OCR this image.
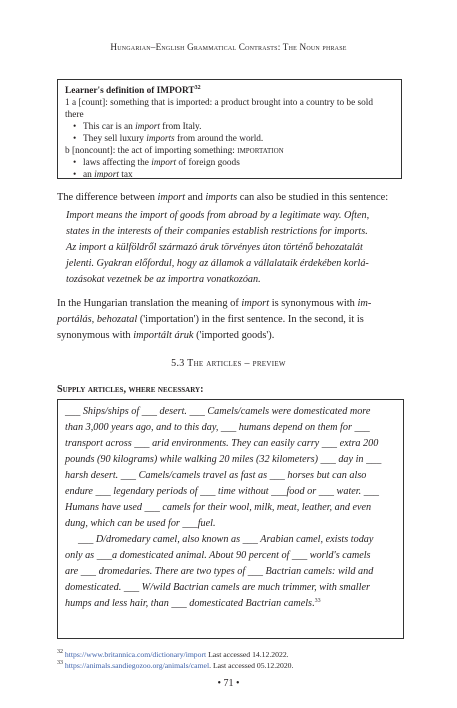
Hungarian–English Grammatical Contrasts: The Noun phrase
Learner's definition of IMPORT$^{32}$
1 a [count]: something that is imported: a product brought into a country to be sold
there
• This car is an import from Italy.
• They sell luxury imports from around the world.
b [noncount]: the act of importing something: importation
• laws affecting the import of foreign goods
• an import tax
The difference between import and imports can also be studied in this sentence:
Import means the import of goods from abroad by a legitimate way. Often,
states in the interests of their companies establish restrictions for imports.
Az import a külföldről származó áruk törvényes úton történő behozatalát
jelenti. Gyakran előfordul, hogy az államok a vállalataik érdekében korlá-
tozásokat vezetnek be az importra vonatkozóan.
In the Hungarian translation the meaning of import is synonymous with im-
portálás, behozatal ('importation') in the first sentence. In the second, it is
synonymous with importált áruk ('imported goods').
5.3 The articles – preview
Supply articles, where necessary:
___ Ships/ships of ___ desert. ___ Camels/camels were domesticated more
than 3,000 years ago, and to this day, ___ humans depend on them for ___
transport across ___ arid environments. They can easily carry ___ extra 200
pounds (90 kilograms) while walking 20 miles (32 kilometers) ___ day in ___
harsh desert. ___ Camels/camels travel as fast as ___ horses but can also
endure ___ legendary periods of ___ time without ___food or ___ water. ___
Humans have used ___ camels for their wool, milk, meat, leather, and even
dung, which can be used for ___fuel.
___ D/dromedary camel, also known as ___ Arabian camel, exists today
only as ___a domesticated animal. About 90 percent of ___ world's camels
are ___ dromedaries. There are two types of ___ Bactrian camels: wild and
domesticated. ___ W/wild Bactrian camels are much trimmer, with smaller
humps and less hair, than ___ domesticated Bactrian camels.$^{33}$
$^{32}$ https://www.britannica.com/dictionary/import Last accessed 14.12.2022.
$^{33}$ https://animals.sandiegozoo.org/animals/camel. Last accessed 05.12.2020.
• 71 •
